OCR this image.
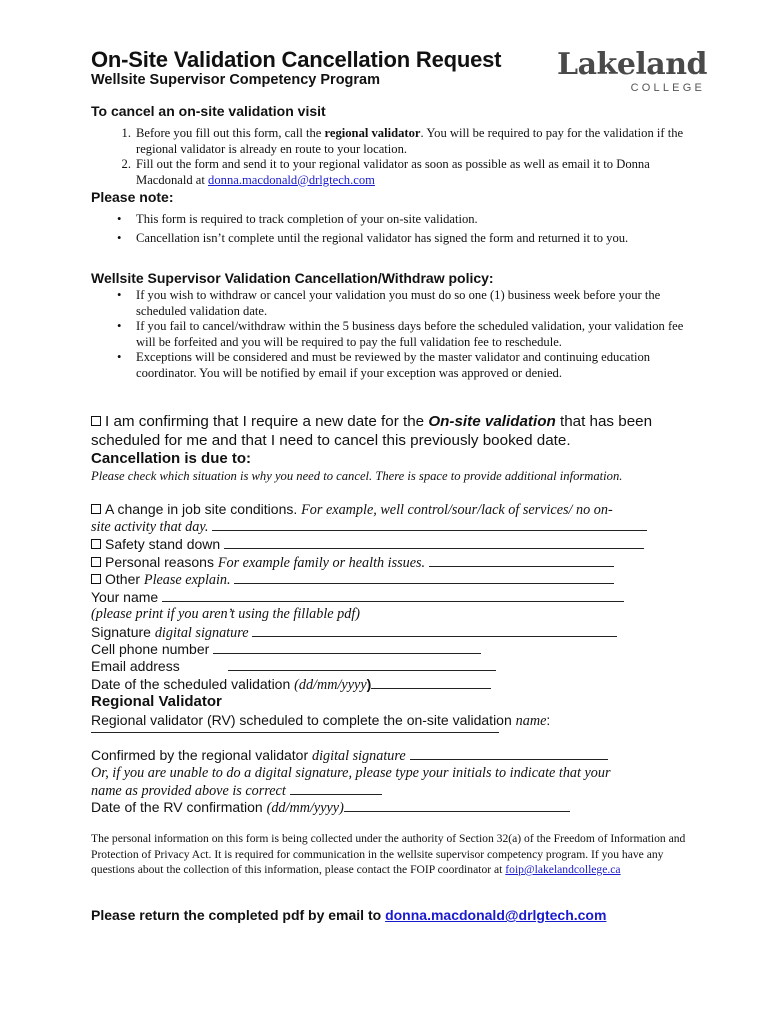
On-Site Validation Cancellation Request
Wellsite Supervisor Competency Program	Lakeland
COLLEGE
To cancel an on-site validation visit
1. Before you fill out this form, call the regional validator. You will be required to pay for the validation if the regional validator is already en route to your location.
2. Fill out the form and send it to your regional validator as soon as possible as well as email it to Donna Macdonald at donna.macdonald@drlgtech.com
Please note:
• This form is required to track completion of your on-site validation.
• Cancellation isn’t complete until the regional validator has signed the form and returned it to you.
Wellsite Supervisor Validation Cancellation/Withdraw policy:
• If you wish to withdraw or cancel your validation you must do so one (1) business week before your the scheduled validation date.
• If you fail to cancel/withdraw within the 5 business days before the scheduled validation, your validation fee will be forfeited and you will be required to pay the full validation fee to reschedule.
• Exceptions will be considered and must be reviewed by the master validator and continuing education coordinator. You will be notified by email if your exception was approved or denied.
I am confirming that I require a new date for the On-site validation that has been scheduled for me and that I need to cancel this previously booked date.
Cancellation is due to:
Please check which situation is why you need to cancel. There is space to provide additional information.
A change in job site conditions. For example, well control/sour/lack of services/ no on-
site activity that day.
Safety stand down
Personal reasons For example family or health issues.
Other Please explain.
Your name
(please print if you aren’t using the fillable pdf)
Signature digital signature
Cell phone number
Email address
Date of the scheduled validation (dd/mm/yyyy)
Regional Validator
Regional validator (RV) scheduled to complete the on-site validation name:
Confirmed by the regional validator digital signature
Or, if you are unable to do a digital signature, please type your initials to indicate that your
name as provided above is correct
Date of the RV confirmation (dd/mm/yyyy)
The personal information on this form is being collected under the authority of Section 32(a) of the Freedom of Information and Protection of Privacy Act. It is required for communication in the wellsite supervisor competency program. If you have any questions about the collection of this information, please contact the FOIP coordinator at foip@lakelandcollege.ca
Please return the completed pdf by email to donna.macdonald@drlgtech.com
